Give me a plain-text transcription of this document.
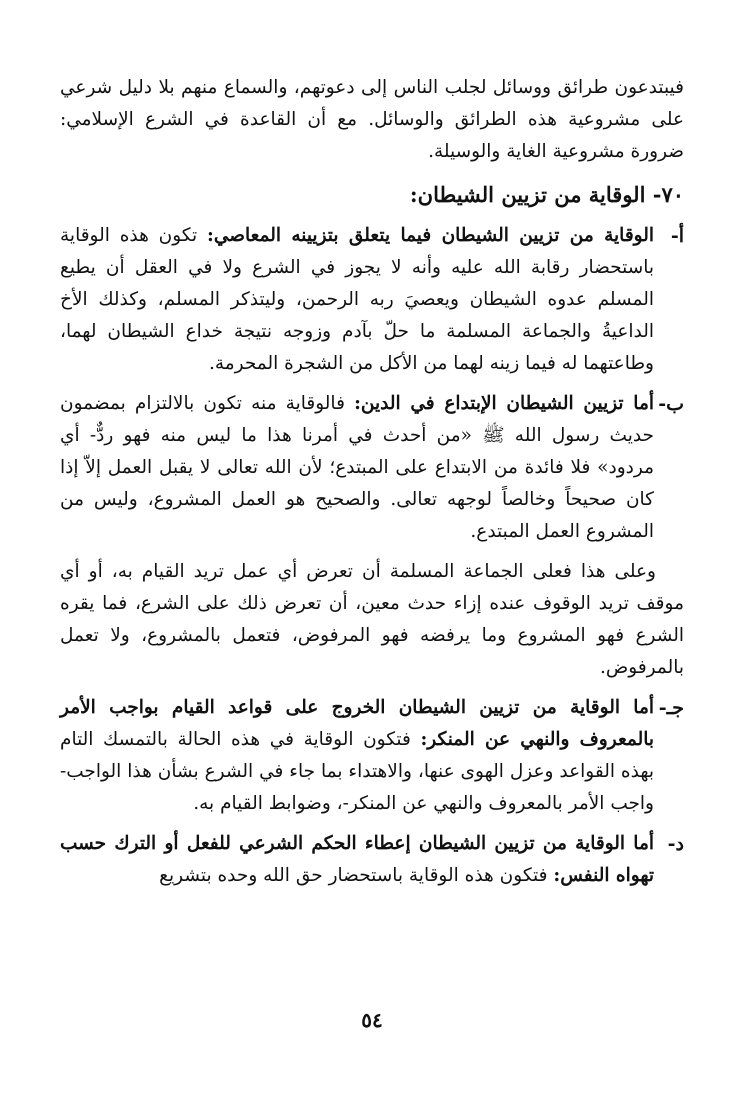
فيبتدعون طرائق ووسائل لجلب الناس إلى دعوتهم، والسماع منهم بلا دليل شرعي على مشروعية هذه الطرائق والوسائل. مع أن القاعدة في الشرع الإسلامي: ضرورة مشروعية الغاية والوسيلة.

٧٠- الوقاية من تزيين الشيطان:
أ-
الوقاية من تزيين الشيطان فيما يتعلق بتزيينه المعاصي: تكون هذه الوقاية باستحضار رقابة الله عليه وأنه لا يجوز في الشرع ولا في العقل أن يطيع المسلم عدوه الشيطان ويعصيَ ربه الرحمن، وليتذكر المسلم، وكذلك الأخ الداعيةُ والجماعة المسلمة ما حلّ بآدم وزوجه نتيجة خداع الشيطان لهما، وطاعتهما له فيما زينه لهما من الأكل من الشجرة المحرمة.
ب-
أما تزيين الشيطان الإبتداع في الدين: فالوقاية منه تكون بالالتزام بمضمون حديث رسول الله ﷺ «من أحدث في أمرنا هذا ما ليس منه فهو ردٌّ- أي مردود» فلا فائدة من الابتداع على المبتدع؛ لأن الله تعالى لا يقبل العمل إلاّ إذا كان صحيحاً وخالصاً لوجهه تعالى. والصحيح هو العمل المشروع، وليس من المشروع العمل المبتدع.

وعلى هذا فعلى الجماعة المسلمة أن تعرض أي عمل تريد القيام به، أو أي موقف تريد الوقوف عنده إزاء حدث معين، أن تعرض ذلك على الشرع، فما يقره الشرع فهو المشروع وما يرفضه فهو المرفوض، فتعمل بالمشروع، ولا تعمل بالمرفوض.

جـ-
أما الوقاية من تزيين الشيطان الخروج على قواعد القيام بواجب الأمر بالمعروف والنهي عن المنكر: فتكون الوقاية في هذه الحالة بالتمسك التام بهذه القواعد وعزل الهوى عنها، والاهتداء بما جاء في الشرع بشأن هذا الواجب- واجب الأمر بالمعروف والنهي عن المنكر-، وضوابط القيام به.
د-
أما الوقاية من تزيين الشيطان إعطاء الحكم الشرعي للفعل أو الترك حسب تهواه النفس: فتكون هذه الوقاية باستحضار حق الله وحده بتشريع
٥٤
